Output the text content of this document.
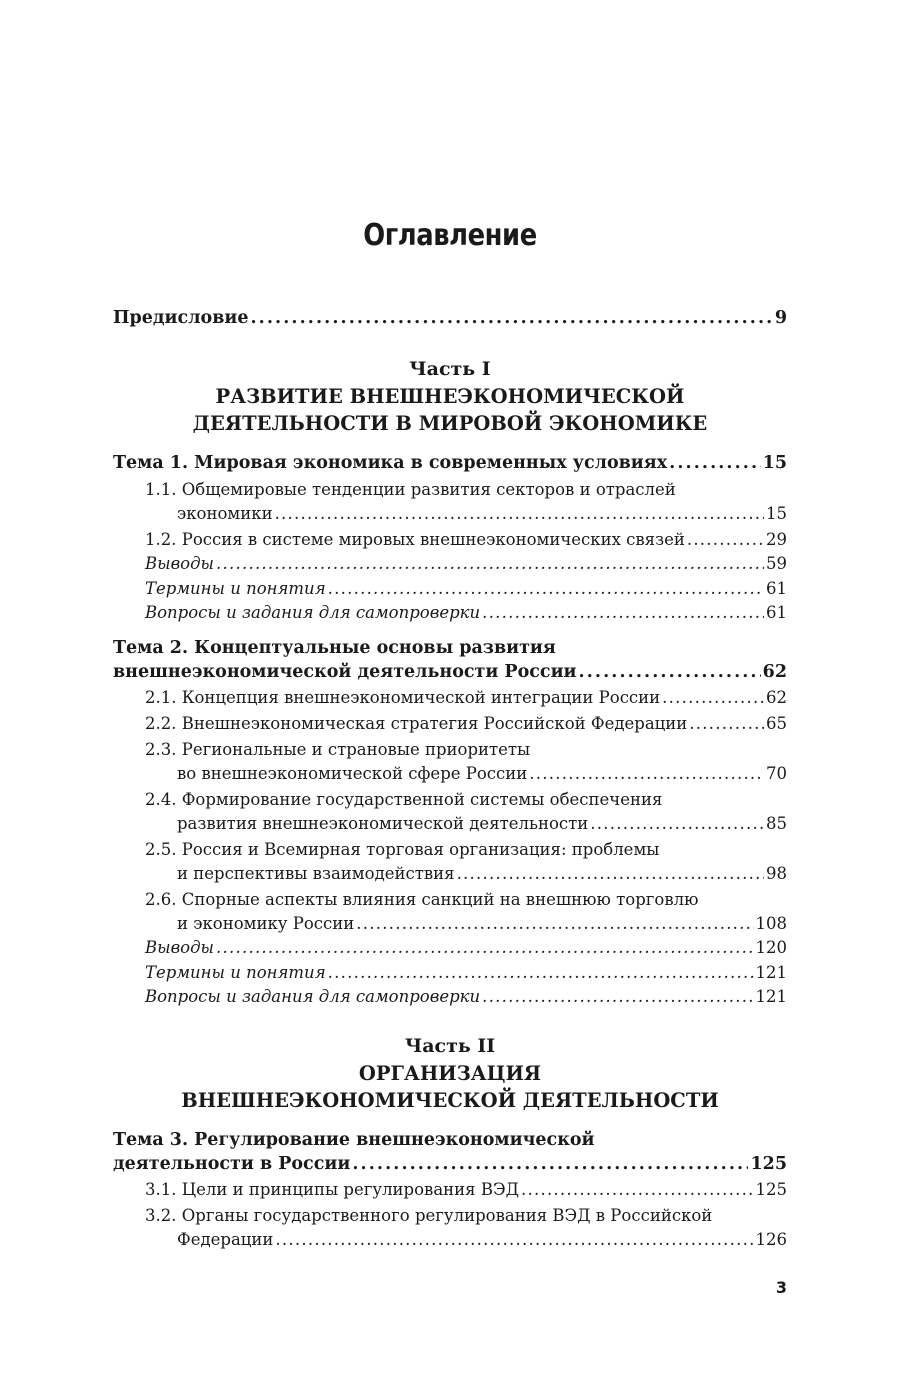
Оглавление
Предисловие . . .	9
Часть I
РАЗВИТИЕ ВНЕШНЕЭКОНОМИЧЕСКОЙ
ДЕЯТЕЛЬНОСТИ В МИРОВОЙ ЭКОНОМИКЕ
Тема 1. Мировая экономика в современных условиях . . .	15
1.1. Общемировые тенденции развития секторов и отраслей
экономики . . .	15
1.2. Россия в системе мировых внешнеэкономических связей . . .	29
Выводы . . .	59
Термины и понятия . . .	61
Вопросы и задания для самопроверки . . .	61
Тема 2. Концептуальные основы развития
внешнеэкономической деятельности России . . .	62
2.1. Концепция внешнеэкономической интеграции России . . .	62
2.2. Внешнеэкономическая стратегия Российской Федерации . . .	65
2.3. Региональные и страновые приоритеты
во внешнеэкономической сфере России . . .	70
2.4. Формирование государственной системы обеспечения
развития внешнеэкономической деятельности . . .	85
2.5. Россия и Всемирная торговая организация: проблемы
и перспективы взаимодействия . . .	98
2.6. Спорные аспекты влияния санкций на внешнюю торговлю
и экономику России . . .	108
Выводы . . .	120
Термины и понятия . . .	121
Вопросы и задания для самопроверки . . .	121
Часть II
ОРГАНИЗАЦИЯ
ВНЕШНЕЭКОНОМИЧЕСКОЙ ДЕЯТЕЛЬНОСТИ
Тема 3. Регулирование внешнеэкономической
деятельности в России . . .	125
3.1. Цели и принципы регулирования ВЭД . . .	125
3.2. Органы государственного регулирования ВЭД в Российской
Федерации . . .	126
3
